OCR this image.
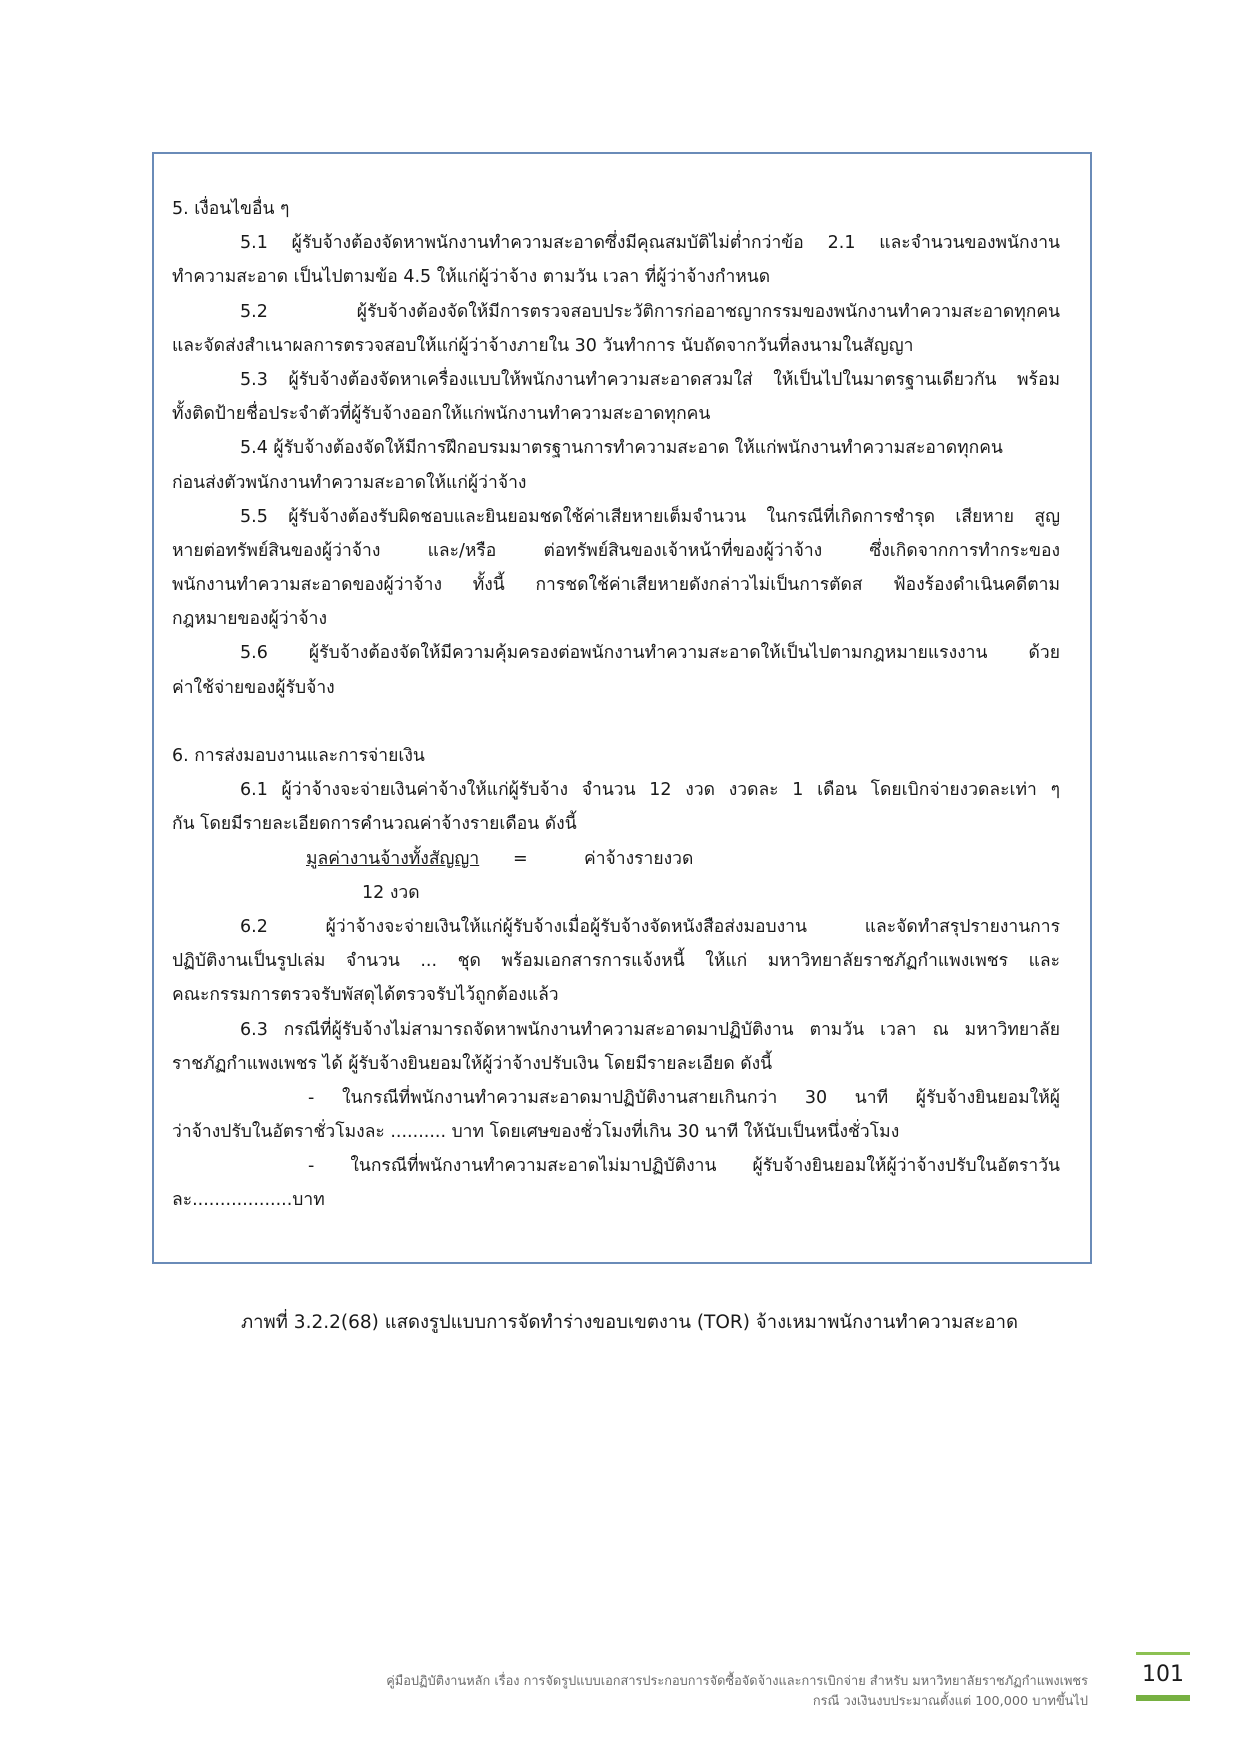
5. เงื่อนไขอื่น ๆ
5.1 ผู้รับจ้างต้องจัดหาพนักงานทำความสะอาดซึ่งมีคุณสมบัติไม่ต่ำกว่าข้อ 2.1 และจำนวนของพนักงาน
ทำความสะอาด เป็นไปตามข้อ 4.5 ให้แก่ผู้ว่าจ้าง ตามวัน เวลา ที่ผู้ว่าจ้างกำหนด
5.2 ผู้รับจ้างต้องจัดให้มีการตรวจสอบประวัติการก่ออาชญากรรมของพนักงานทำความสะอาดทุกคน
และจัดส่งสำเนาผลการตรวจสอบให้แก่ผู้ว่าจ้างภายใน 30 วันทำการ นับถัดจากวันที่ลงนามในสัญญา
5.3 ผู้รับจ้างต้องจัดหาเครื่องแบบให้พนักงานทำความสะอาดสวมใส่ ให้เป็นไปในมาตรฐานเดียวกัน พร้อม
ทั้งติดป้ายชื่อประจำตัวที่ผู้รับจ้างออกให้แก่พนักงานทำความสะอาดทุกคน
5.4 ผู้รับจ้างต้องจัดให้มีการฝึกอบรมมาตรฐานการทำความสะอาด ให้แก่พนักงานทำความสะอาดทุกคน
ก่อนส่งตัวพนักงานทำความสะอาดให้แก่ผู้ว่าจ้าง
5.5 ผู้รับจ้างต้องรับผิดชอบและยินยอมชดใช้ค่าเสียหายเต็มจำนวน ในกรณีที่เกิดการชำรุด เสียหาย สูญ
หายต่อทรัพย์สินของผู้ว่าจ้าง และ/หรือ ต่อทรัพย์สินของเจ้าหน้าที่ของผู้ว่าจ้าง ซึ่งเกิดจากการทำกระของ
พนักงานทำความสะอาดของผู้ว่าจ้าง ทั้งนี้ การชดใช้ค่าเสียหายดังกล่าวไม่เป็นการตัดส ฟ้องร้องดำเนินคดีตาม
กฎหมายของผู้ว่าจ้าง
5.6 ผู้รับจ้างต้องจัดให้มีความคุ้มครองต่อพนักงานทำความสะอาดให้เป็นไปตามกฎหมายแรงงาน ด้วย
ค่าใช้จ่ายของผู้รับจ้าง
6. การส่งมอบงานและการจ่ายเงิน
6.1 ผู้ว่าจ้างจะจ่ายเงินค่าจ้างให้แก่ผู้รับจ้าง จำนวน 12 งวด งวดละ 1 เดือน โดยเบิกจ่ายงวดละเท่า ๆ
กัน โดยมีรายละเอียดการคำนวณค่าจ้างรายเดือน ดังนี้
มูลค่างานจ้างทั้งสัญญา =	ค่าจ้างรายงวด
12 งวด
6.2 ผู้ว่าจ้างจะจ่ายเงินให้แก่ผู้รับจ้างเมื่อผู้รับจ้างจัดหนังสือส่งมอบงาน และจัดทำสรุปรายงานการ
ปฏิบัติงานเป็นรูปเล่ม จำนวน ... ชุด พร้อมเอกสารการแจ้งหนี้ ให้แก่ มหาวิทยาลัยราชภัฏกำแพงเพชร และ
คณะกรรมการตรวจรับพัสดุได้ตรวจรับไว้ถูกต้องแล้ว
6.3 กรณีที่ผู้รับจ้างไม่สามารถจัดหาพนักงานทำความสะอาดมาปฏิบัติงาน ตามวัน เวลา ณ มหาวิทยาลัย
ราชภัฏกำแพงเพชร ได้ ผู้รับจ้างยินยอมให้ผู้ว่าจ้างปรับเงิน โดยมีรายละเอียด ดังนี้
- ในกรณีที่พนักงานทำความสะอาดมาปฏิบัติงานสายเกินกว่า 30 นาที ผู้รับจ้างยินยอมให้ผู้
ว่าจ้างปรับในอัตราชั่วโมงละ .......... บาท โดยเศษของชั่วโมงที่เกิน 30 นาที ให้นับเป็นหนึ่งชั่วโมง
- ในกรณีที่พนักงานทำความสะอาดไม่มาปฏิบัติงาน ผู้รับจ้างยินยอมให้ผู้ว่าจ้างปรับในอัตราวัน
ละ..................บาท
ภาพที่ 3.2.2(68) แสดงรูปแบบการจัดทำร่างขอบเขตงาน (TOR) จ้างเหมาพนักงานทำความสะอาด
คู่มือปฏิบัติงานหลัก เรื่อง การจัดรูปแบบเอกสารประกอบการจัดซื้อจัดจ้างและการเบิกจ่าย สำหรับ มหาวิทยาลัยราชภัฏกำแพงเพชร
กรณี วงเงินงบประมาณตั้งแต่ 100,000 บาทขึ้นไป
101
